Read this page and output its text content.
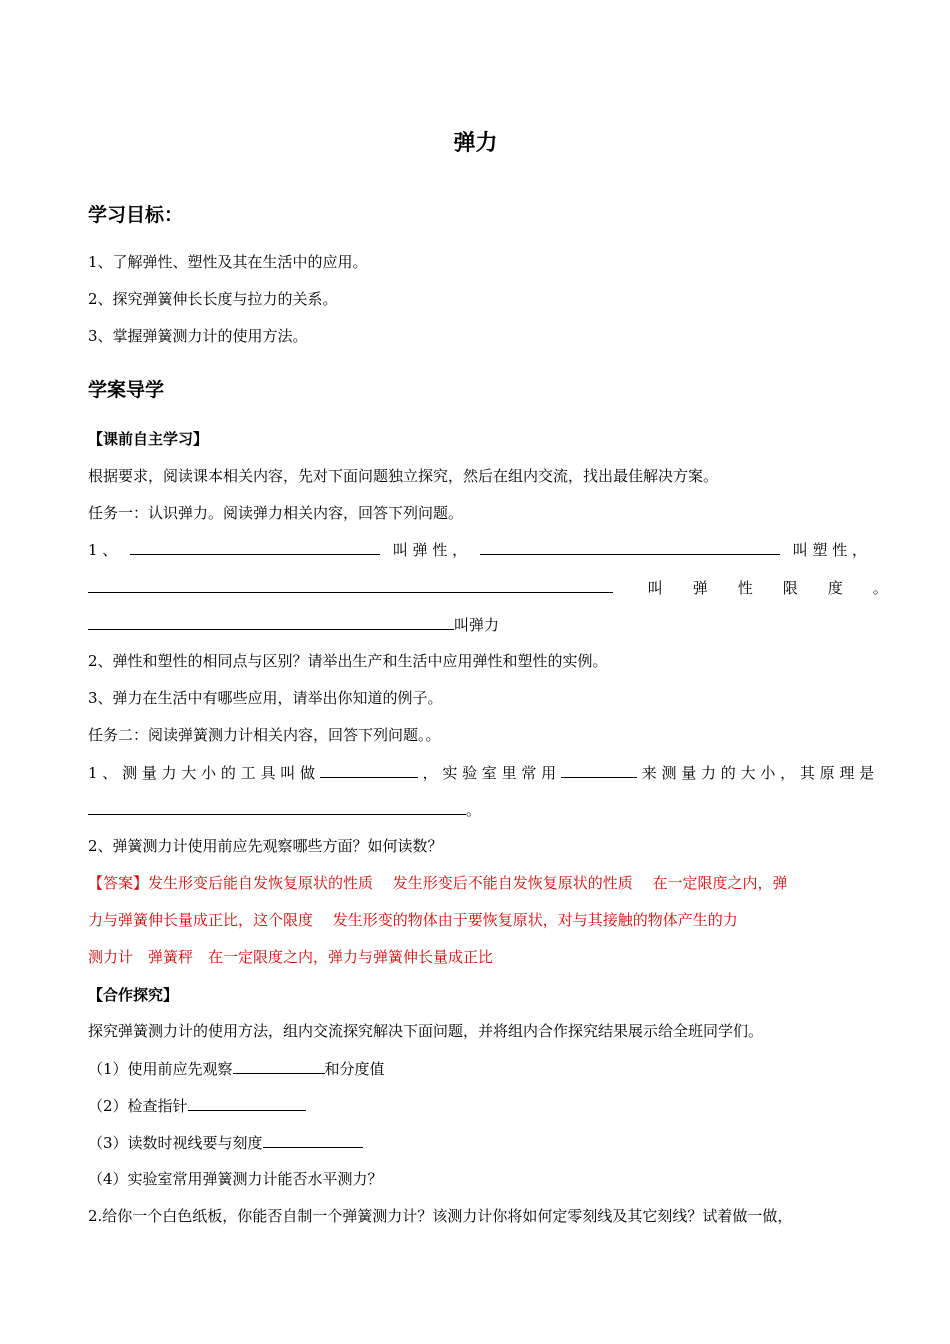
弹力
学习目标：
1、了解弹性、塑性及其在生活中的应用。
2、探究弹簧伸长长度与拉力的关系。
3、掌握弹簧测力计的使用方法。
学案导学
【课前自主学习】
根据要求，阅读课本相关内容，先对下面问题独立探究，然后在组内交流，找出最佳解决方案。
任务一：认识弹力。阅读弹力相关内容，回答下列问题。
1 、	叫 弹 性 ，	叫 塑 性 ，
叫　　弹　　性　　限　　度　　。
叫弹力
2、弹性和塑性的相同点与区别？请举出生产和生活中应用弹性和塑性的实例。
3、弹力在生活中有哪些应用，请举出你知道的例子。
任务二：阅读弹簧测力计相关内容，回答下列问题。。
1 、 测 量 力 大 小 的 工 具 叫 做	， 实 验 室 里 常 用	来 测 量 力 的 大 小 ， 其 原 理 是
。
2、弹簧测力计使用前应先观察哪些方面？如何读数？
【答案】发生形变后能自发恢复原状的性质　 发生形变后不能自发恢复原状的性质　 在一定限度之内，弹
力与弹簧伸长量成正比，这个限度　 发生形变的物体由于要恢复原状，对与其接触的物体产生的力
测力计　弹簧秤　在一定限度之内，弹力与弹簧伸长量成正比
【合作探究】
探究弹簧测力计的使用方法，组内交流探究解决下面问题，并将组内合作探究结果展示给全班同学们。
（1）使用前应先观察	和分度值
（2）检查指针
（3）读数时视线要与刻度
（4）实验室常用弹簧测力计能否水平测力？
2.给你一个白色纸板，你能否自制一个弹簧测力计？该测力计你将如何定零刻线及其它刻线？试着做一做，
